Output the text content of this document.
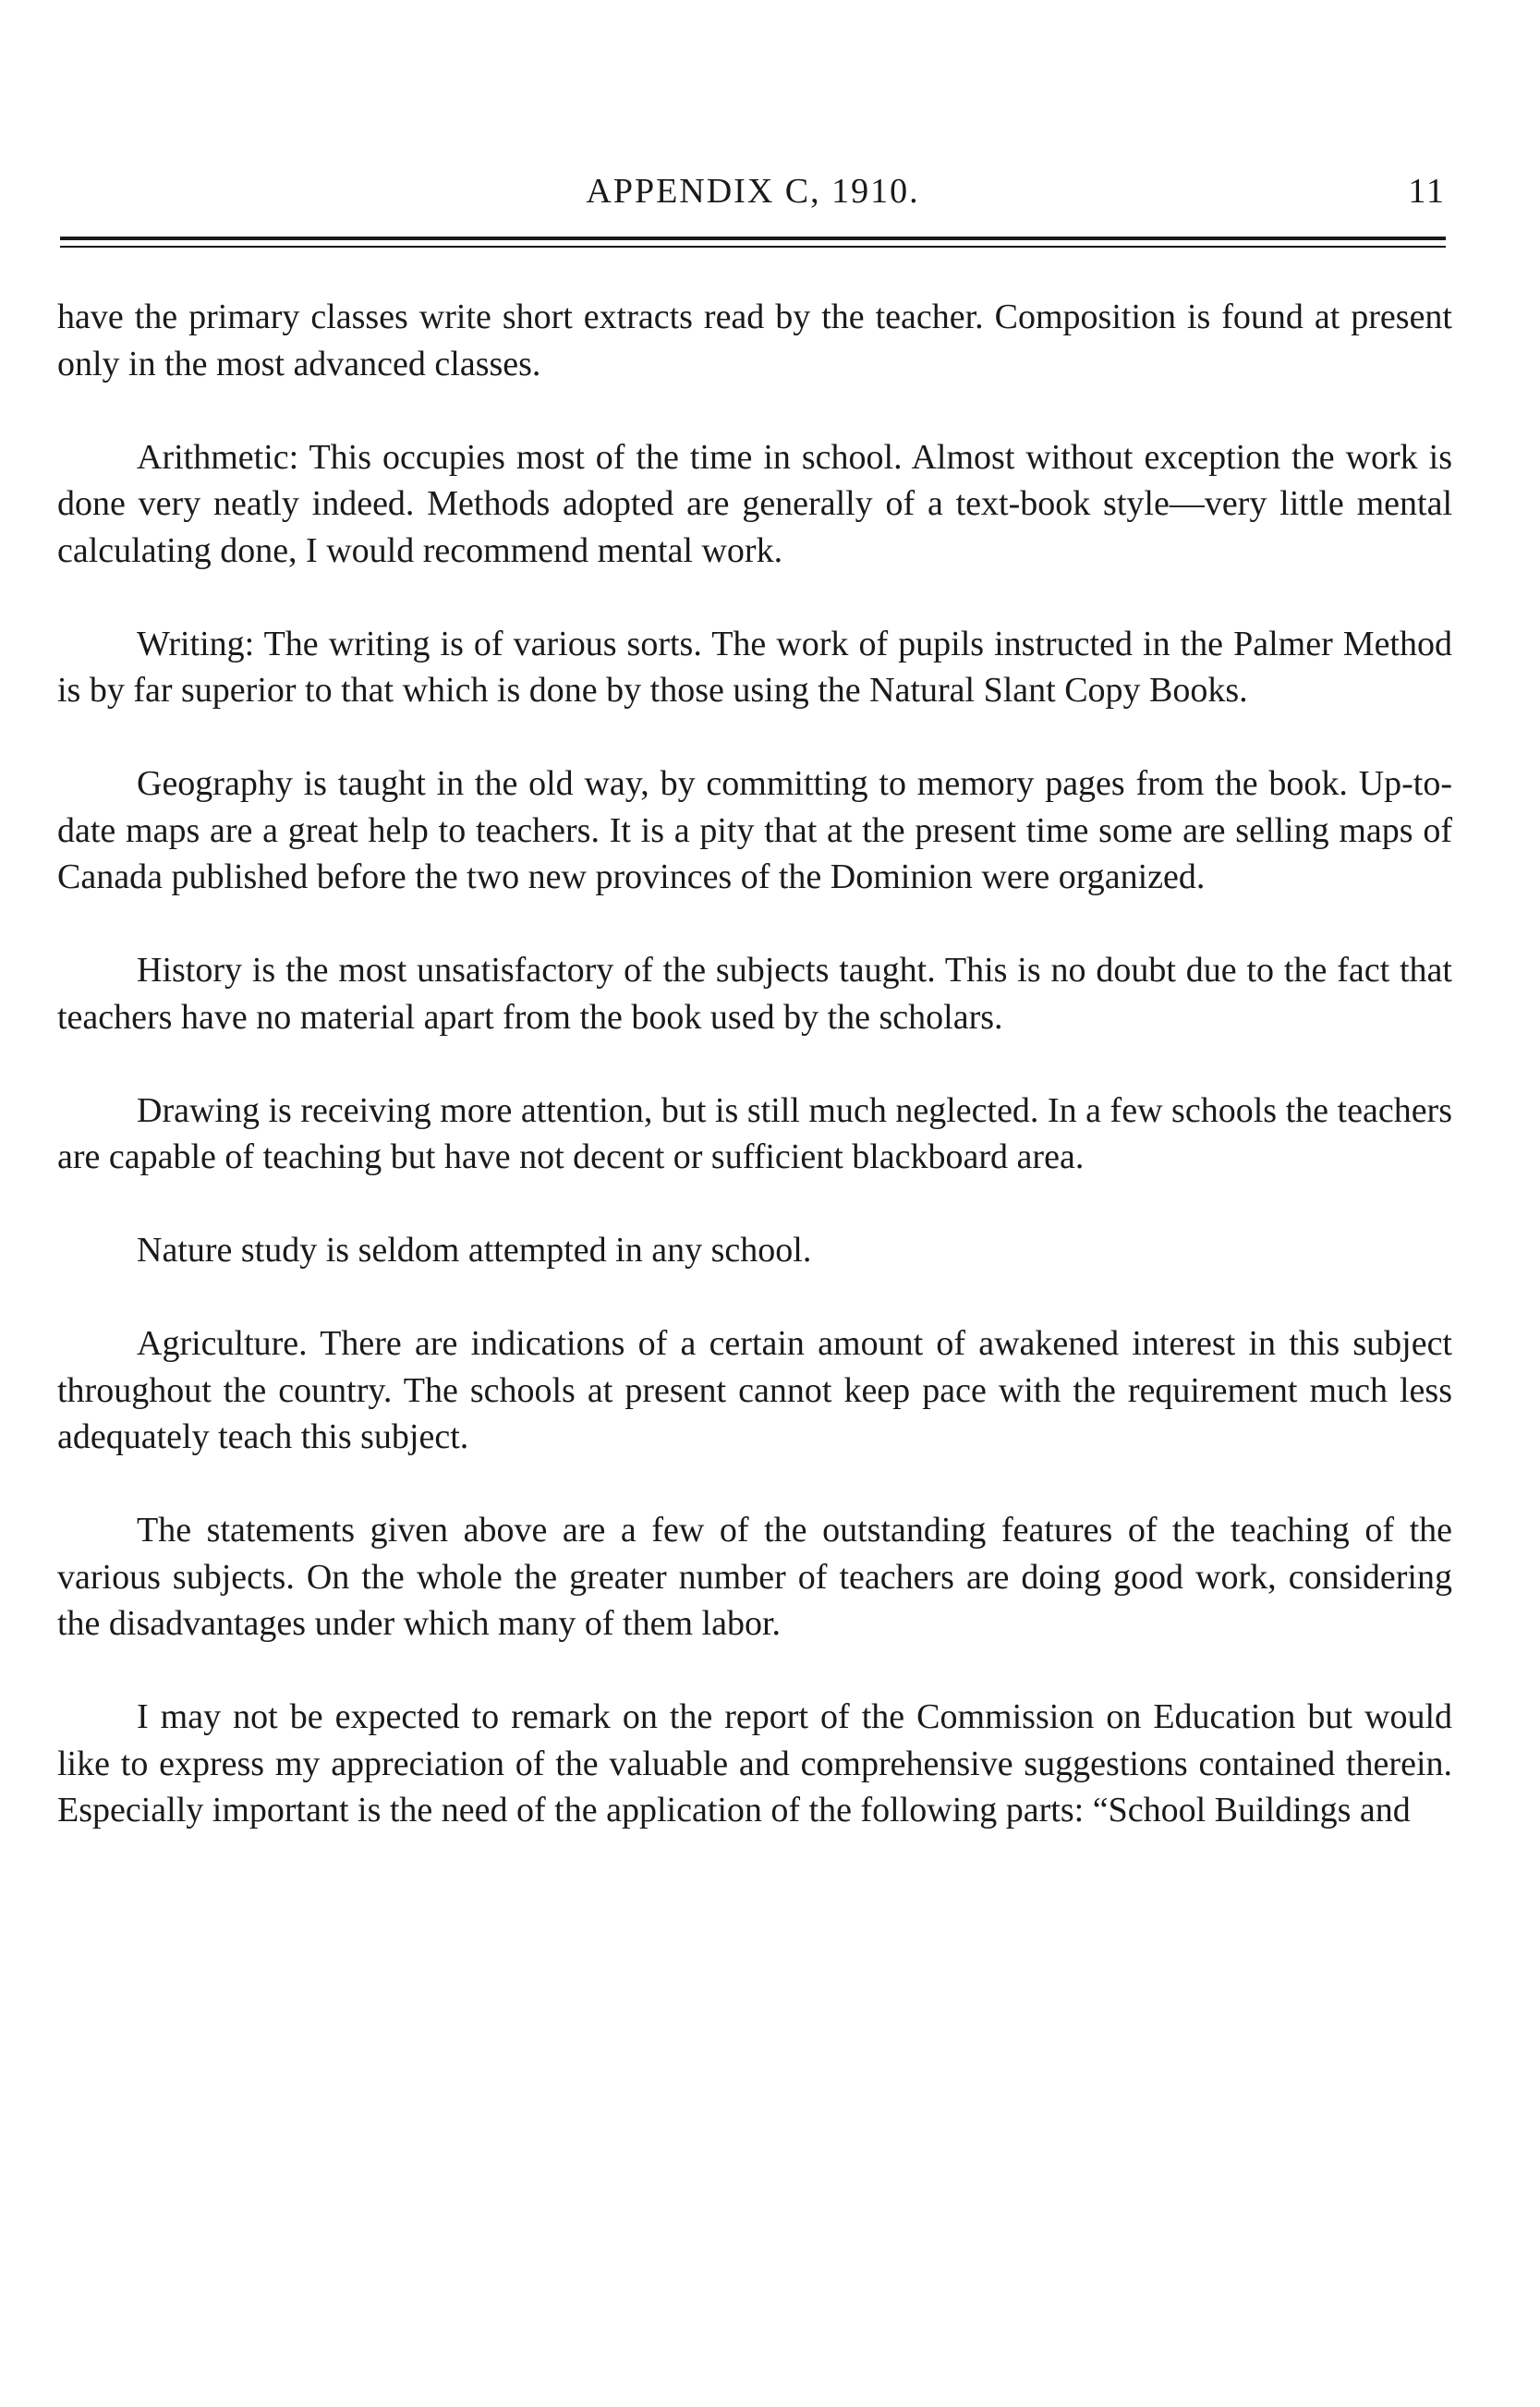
APPENDIX C, 1910.	11

have the primary classes write short extracts read by the teacher. Composition is found at present only in the most advanced classes.

Arithmetic: This occupies most of the time in school. Almost without exception the work is done very neatly indeed. Methods adopted are generally of a text-book style—very little mental calculating done, I would recommend mental work.

Writing: The writing is of various sorts. The work of pupils instructed in the Palmer Method is by far superior to that which is done by those using the Natural Slant Copy Books.

Geography is taught in the old way, by committing to memory pages from the book. Up-to-date maps are a great help to teachers. It is a pity that at the present time some are selling maps of Canada published before the two new provinces of the Dominion were organized.

History is the most unsatisfactory of the subjects taught. This is no doubt due to the fact that teachers have no material apart from the book used by the scholars.

Drawing is receiving more attention, but is still much neglected. In a few schools the teachers are capable of teaching but have not decent or sufficient blackboard area.

Nature study is seldom attempted in any school.

Agriculture. There are indications of a certain amount of awakened interest in this subject throughout the country. The schools at present cannot keep pace with the requirement much less adequately teach this subject.

The statements given above are a few of the outstanding features of the teaching of the various subjects. On the whole the greater number of teachers are doing good work, considering the disadvantages under which many of them labor.

I may not be expected to remark on the report of the Commission on Education but would like to express my appreciation of the valuable and comprehensive suggestions contained therein. Especially important is the need of the application of the following parts: “School Buildings and
